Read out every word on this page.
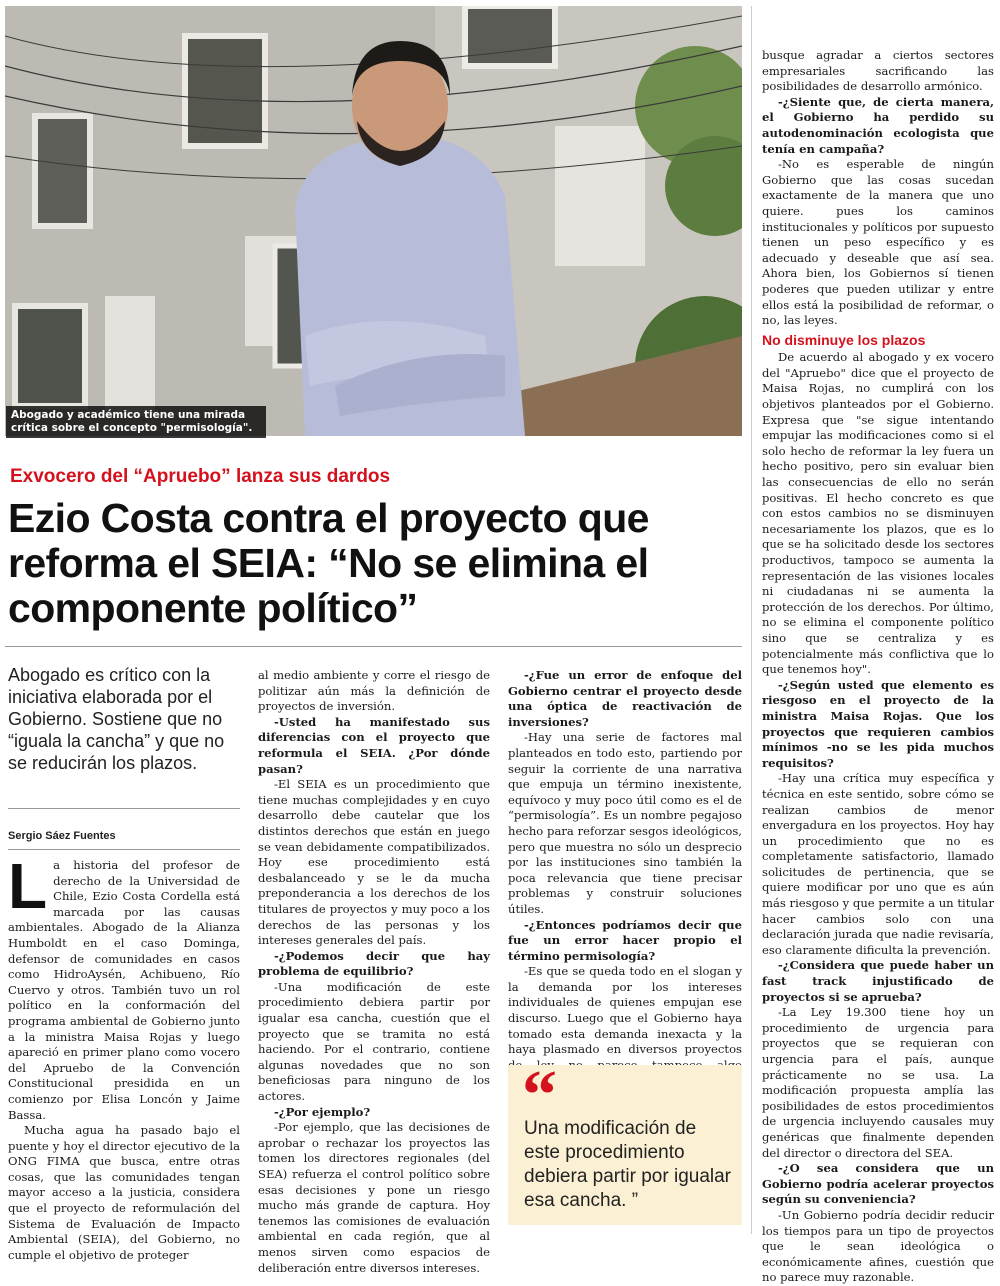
Abogado y académico tiene una mirada crítica sobre el concepto "permisología".
Exvocero del “Apruebo” lanza sus dardos
Ezio Costa contra el proyecto que reforma el SEIA: “No se elimina el componente político”
Abogado es crítico con la iniciativa elaborada por el Gobierno. Sostiene que no “iguala la cancha” y que no se reducirán los plazos.
Sergio Sáez Fuentes

La historia del profesor de derecho de la Universidad de Chile, Ezio Costa Cordella está marcada por las causas ambientales. Abogado de la Alianza Humboldt en el caso Dominga, defensor de comunidades en casos como HidroAysén, Achibueno, Río Cuervo y otros. También tuvo un rol político en la conformación del programa ambiental de Gobierno junto a la ministra Maisa Rojas y luego apareció en primer plano como vocero del Apruebo de la Convención Constitucional presidida en un comienzo por Elisa Loncón y Jaime Bassa.

Mucha agua ha pasado bajo el puente y hoy el director ejecutivo de la ONG FIMA que busca, entre otras cosas, que las comunidades tengan mayor acceso a la justicia, considera que el proyecto de reformulación del Sistema de Evaluación de Impacto Ambiental (SEIA), del Gobierno, no cumple el objetivo de proteger

al medio ambiente y corre el riesgo de politizar aún más la definición de proyectos de inversión.

-Usted ha manifestado sus diferencias con el proyecto que reformula el SEIA. ¿Por dónde pasan?

-El SEIA es un procedimiento que tiene muchas complejidades y en cuyo desarrollo debe cautelar que los distintos derechos que están en juego se vean debidamente compatibilizados. Hoy ese procedimiento está desbalanceado y se le da mucha preponderancia a los derechos de los titulares de proyectos y muy poco a los derechos de las personas y los intereses generales del país.

-¿Podemos decir que hay problema de equilibrio?

-Una modificación de este procedimiento debiera partir por igualar esa cancha, cuestión que el proyecto que se tramita no está haciendo. Por el contrario, contiene algunas novedades que no son beneficiosas para ninguno de los actores.

-¿Por ejemplo?

-Por ejemplo, que las decisiones de aprobar o rechazar los proyectos las tomen los directores regionales (del SEA) refuerza el control político sobre esas decisiones y pone un riesgo mucho más grande de captura. Hoy tenemos las comisiones de evaluación ambiental en cada región, que al menos sirven como espacios de deliberación entre diversos intereses.

-¿Fue un error de enfoque del Gobierno centrar el proyecto desde una óptica de reactivación de inversiones?

-Hay una serie de factores mal planteados en todo esto, partiendo por seguir la corriente de una narrativa que empuja un término inexistente, equívoco y muy poco útil como es el de “permisología”. Es un nombre pegajoso hecho para reforzar sesgos ideológicos, pero que muestra no sólo un desprecio por las instituciones sino también la poca relevancia que tiene precisar problemas y construir soluciones útiles.

-¿Entonces podríamos decir que fue un error hacer propio el término permisología?

-Es que se queda todo en el slogan y la demanda por los intereses individuales de quienes empujan ese discurso. Luego que el Gobierno haya tomado esta demanda inexacta y la haya plasmado en diversos proyectos

“
Una modificación de este procedimiento debiera partir por igualar esa cancha. ”

busque agradar a ciertos sectores empresariales sacrificando las posibilidades de desarrollo armónico.

-¿Siente que, de cierta manera, el Gobierno ha perdido su autodenominación ecologista que tenía en campaña?

-No es esperable de ningún Gobierno que las cosas sucedan exactamente de la manera que uno quiere. pues los caminos institucionales y políticos por supuesto tienen un peso específico y es adecuado y deseable que así sea. Ahora bien, los Gobiernos sí tienen poderes que pueden utilizar y entre ellos está la posibilidad de reformar, o no, las leyes.

No disminuye los plazos

De acuerdo al abogado y ex vocero del "Apruebo" dice que el proyecto de Maisa Rojas, no cumplirá con los objetivos planteados por el Gobierno. Expresa que "se sigue intentando empujar las modificaciones como si el solo hecho de reformar la ley fuera un hecho positivo, pero sin evaluar bien las consecuencias de ello no serán positivas. El hecho concreto es que con estos cambios no se disminuyen necesariamente los plazos, que es lo que se ha solicitado desde los sectores productivos, tampoco se aumenta la representación de las visiones locales ni ciudadanas ni se aumenta la protección de los derechos. Por último, no se elimina el componente político sino que se centraliza y es potencialmente más conflictiva que lo que tenemos hoy".

-¿Según usted que elemento es riesgoso en el proyecto de la ministra Maisa Rojas. Que los proyectos que requieren cambios mínimos -no se les pida muchos requisitos?

-Hay una crítica muy específica y técnica en este sentido, sobre cómo se realizan cambios de menor envergadura en los proyectos. Hoy hay un procedimiento que no es completamente satisfactorio, llamado solicitudes de pertinencia, que se quiere modificar por uno que es aún más riesgoso y que permite a un titular hacer cambios solo con una declaración jurada que nadie revisaría, eso claramente dificulta la prevención.

-¿Considera que puede haber un fast track injustificado de proyectos si se aprueba?

-La Ley 19.300 tiene hoy un procedimiento de urgencia para proyectos que se requieran con urgencia para el país, aunque prácticamente no se usa. La modificación propuesta amplía las posibilidades de estos procedimientos de urgencia incluyendo causales muy genéricas que finalmente dependen del director o directora del SEA.

-¿O sea considera que un Gobierno podría acelerar proyectos según su conveniencia?

-Un Gobierno podría decidir reducir los tiempos para un tipo de proyectos que le sean ideológica o económicamente afines, cuestión que no parece muy razonable.
